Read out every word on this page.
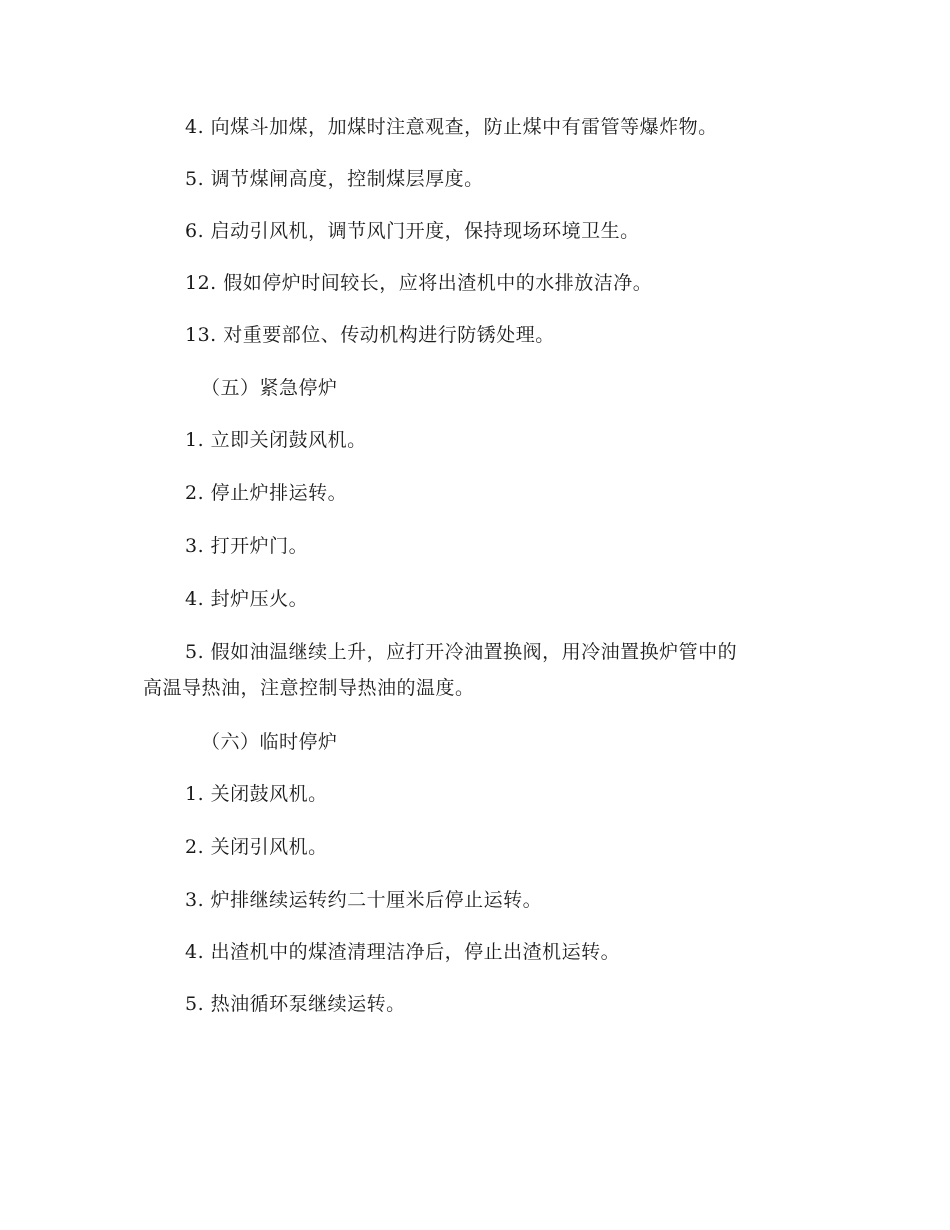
4. 向煤斗加煤，加煤时注意观查，防止煤中有雷管等爆炸物。
5. 调节煤闸高度，控制煤层厚度。
6. 启动引风机，调节风门开度，保持现场环境卫生。
12. 假如停炉时间较长，应将出渣机中的水排放洁净。
13. 对重要部位、传动机构进行防锈处理。
（五）紧急停炉
1. 立即关闭鼓风机。
2. 停止炉排运转。
3. 打开炉门。
4. 封炉压火。
5. 假如油温继续上升，应打开冷油置换阀，用冷油置换炉管中的
高温导热油，注意控制导热油的温度。
（六）临时停炉
1. 关闭鼓风机。
2. 关闭引风机。
3. 炉排继续运转约二十厘米后停止运转。
4. 出渣机中的煤渣清理洁净后，停止出渣机运转。
5. 热油循环泵继续运转。
